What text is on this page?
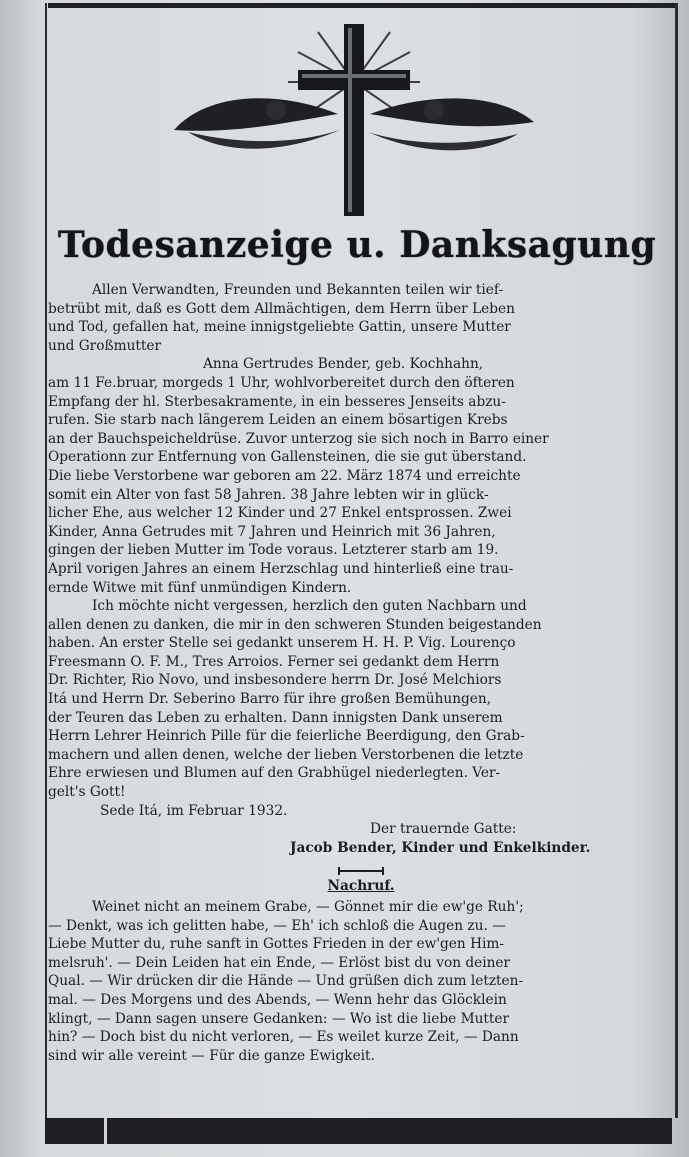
Todesanzeige u. Danksagung

Allen Verwandten, Freunden und Bekannten teilen wir tief-

betrübt mit, daß es Gott dem Allmächtigen, dem Herrn über Leben

und Tod, gefallen hat, meine innigstgeliebte Gattin, unsere Mutter

und Großmutter

Anna Gertrudes Bender, geb. Kochhahn,

am 11 Fe.bruar, morgeds 1 Uhr, wohlvorbereitet durch den öfteren

Empfang der hl. Sterbesakramente, in ein besseres Jenseits abzu-

rufen. Sie starb nach längerem Leiden an einem bösartigen Krebs

an der Bauchspeicheldrüse. Zuvor unterzog sie sich noch in Barro einer

Operationn zur Entfernung von Gallensteinen, die sie gut überstand.

Die liebe Verstorbene war geboren am 22. März 1874 und erreichte

somit ein Alter von fast 58 Jahren. 38 Jahre lebten wir in glück-

licher Ehe, aus welcher 12 Kinder und 27 Enkel entsprossen. Zwei

Kinder, Anna Getrudes mit 7 Jahren und Heinrich mit 36 Jahren,

gingen der lieben Mutter im Tode voraus. Letzterer starb am 19.

April vorigen Jahres an einem Herzschlag und hinterließ eine trau-

ernde Witwe mit fünf unmündigen Kindern.

Ich möchte nicht vergessen, herzlich den guten Nachbarn und

allen denen zu danken, die mir in den schweren Stunden beigestanden

haben. An erster Stelle sei gedankt unserem H. H. P. Vig. Lourenço

Freesmann O. F. M., Tres Arroios. Ferner sei gedankt dem Herrn

Dr. Richter, Rio Novo, und insbesondere herrn Dr. José Melchiors

Itá und Herrn Dr. Seberino Barro für ihre großen Bemühungen,

der Teuren das Leben zu erhalten. Dann innigsten Dank unserem

Herrn Lehrer Heinrich Pille für die feierliche Beerdigung, den Grab-

machern und allen denen, welche der lieben Verstorbenen die letzte

Ehre erwiesen und Blumen auf den Grabhügel niederlegten. Ver-

gelt's Gott!

Sede Itá, im Februar 1932.

Der trauernde Gatte:

Jacob Bender, Kinder und Enkelkinder.

Nachruf.

Weinet nicht an meinem Grabe, — Gönnet mir die ew'ge Ruh';

— Denkt, was ich gelitten habe, — Eh' ich schloß die Augen zu. —

Liebe Mutter du, ruhe sanft in Gottes Frieden in der ew'gen Him-

melsruh'. — Dein Leiden hat ein Ende, — Erlöst bist du von deiner

Qual. — Wir drücken dir die Hände — Und grüßen dich zum letzten-

mal. — Des Morgens und des Abends, — Wenn hehr das Glöcklein

klingt, — Dann sagen unsere Gedanken: — Wo ist die liebe Mutter

hin? — Doch bist du nicht verloren, — Es weilet kurze Zeit, — Dann

sind wir alle vereint — Für die ganze Ewigkeit.
